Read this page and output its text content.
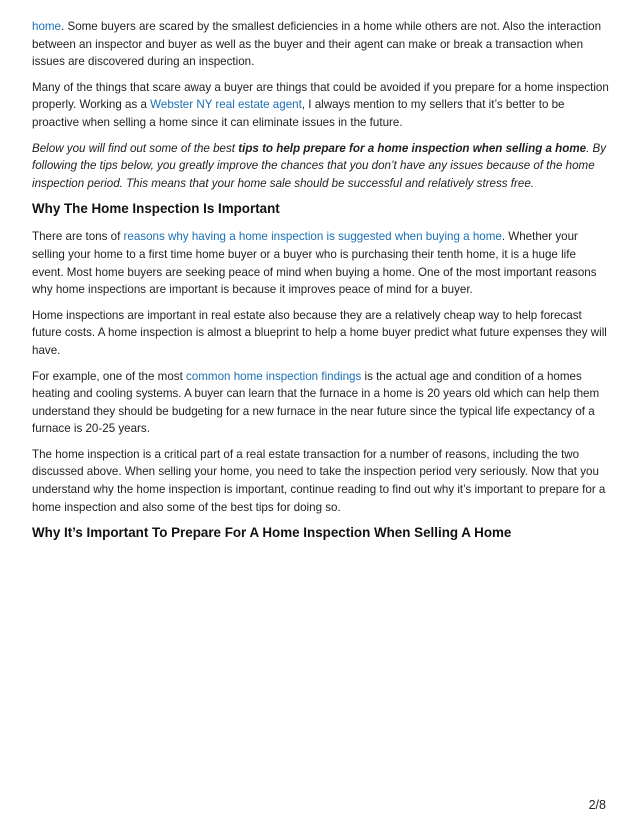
home. Some buyers are scared by the smallest deficiencies in a home while others are not. Also the interaction between an inspector and buyer as well as the buyer and their agent can make or break a transaction when issues are discovered during an inspection.

Many of the things that scare away a buyer are things that could be avoided if you prepare for a home inspection properly. Working as a Webster NY real estate agent, I always mention to my sellers that it’s better to be proactive when selling a home since it can eliminate issues in the future.

Below you will find out some of the best tips to help prepare for a home inspection when selling a home. By following the tips below, you greatly improve the chances that you don’t have any issues because of the home inspection period. This means that your home sale should be successful and relatively stress free.

Why The Home Inspection Is Important

There are tons of reasons why having a home inspection is suggested when buying a home. Whether your selling your home to a first time home buyer or a buyer who is purchasing their tenth home, it is a huge life event. Most home buyers are seeking peace of mind when buying a home. One of the most important reasons why home inspections are important is because it improves peace of mind for a buyer.

Home inspections are important in real estate also because they are a relatively cheap way to help forecast future costs. A home inspection is almost a blueprint to help a home buyer predict what future expenses they will have.

For example, one of the most common home inspection findings is the actual age and condition of a homes heating and cooling systems. A buyer can learn that the furnace in a home is 20 years old which can help them understand they should be budgeting for a new furnace in the near future since the typical life expectancy of a furnace is 20-25 years.

The home inspection is a critical part of a real estate transaction for a number of reasons, including the two discussed above. When selling your home, you need to take the inspection period very seriously. Now that you understand why the home inspection is important, continue reading to find out why it’s important to prepare for a home inspection and also some of the best tips for doing so.

Why It’s Important To Prepare For A Home Inspection When Selling A Home
2/8
